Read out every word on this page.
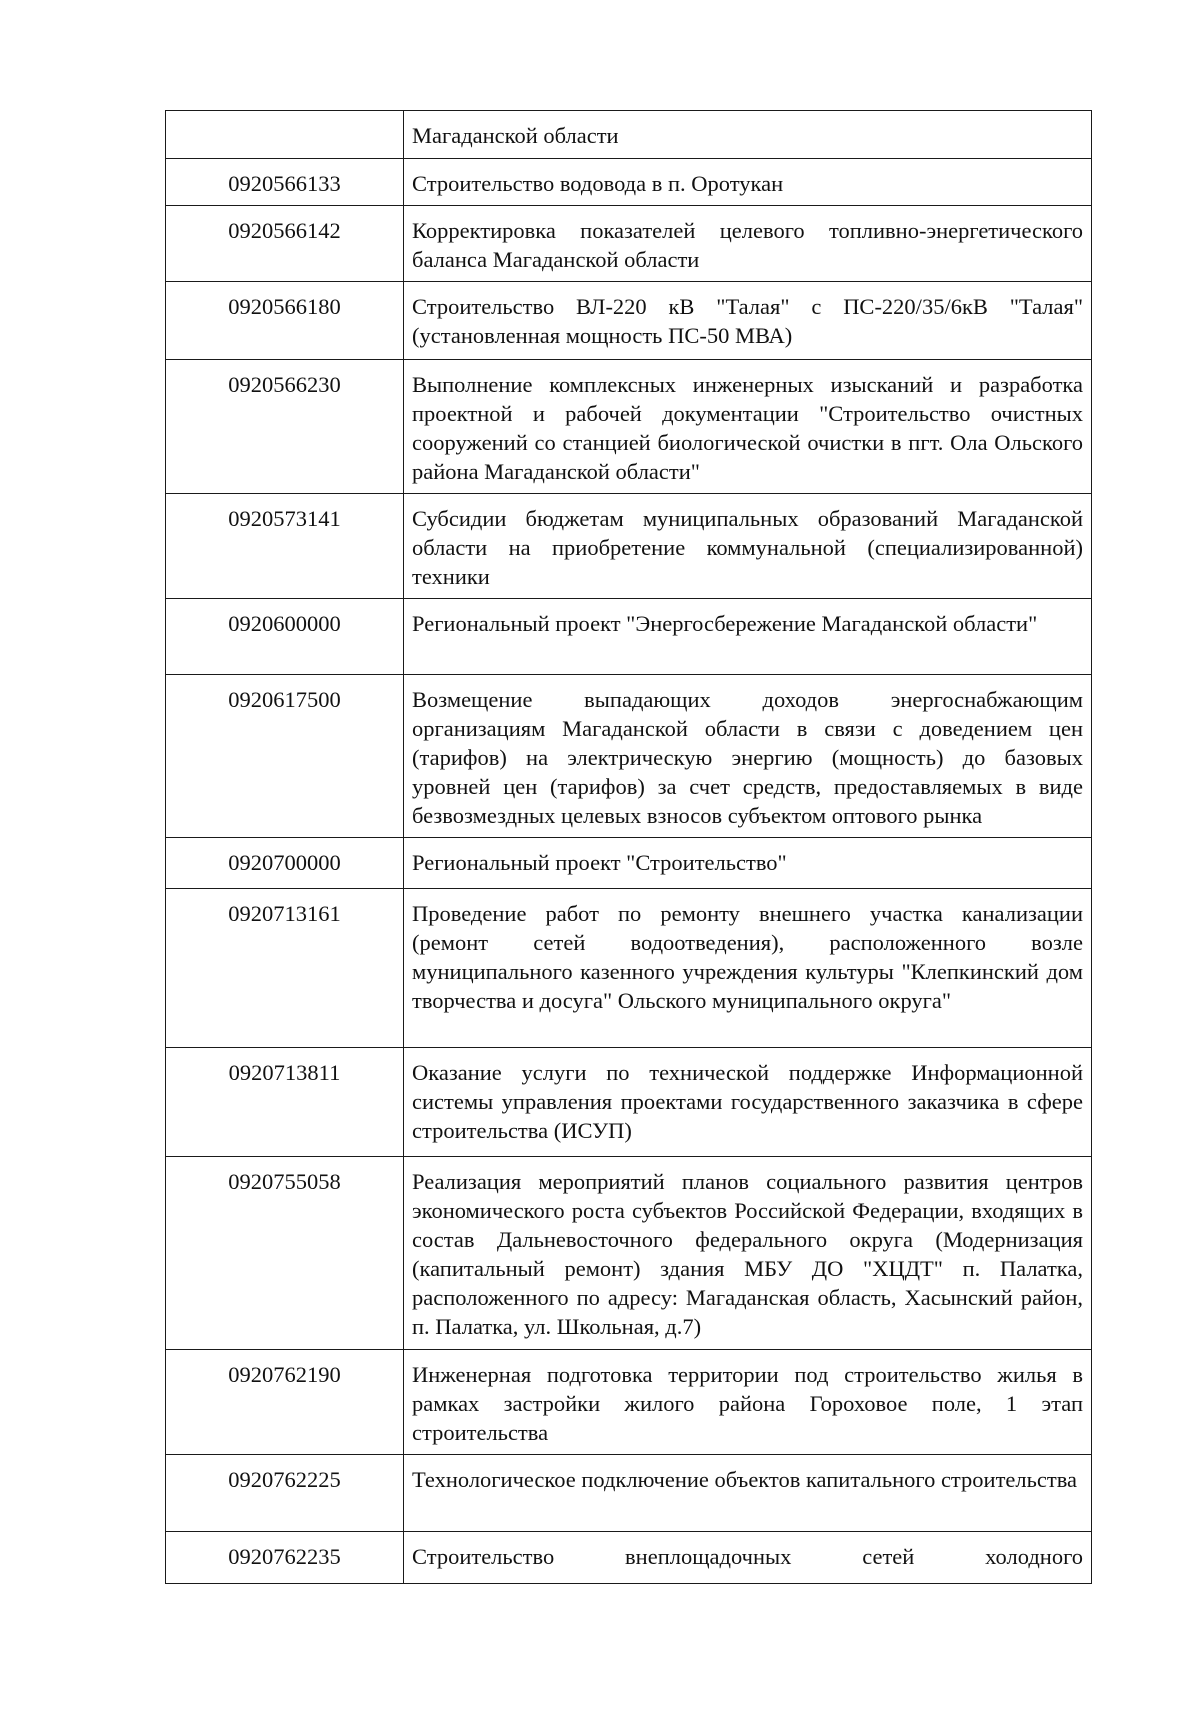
	Магаданской области

0920566133	Строительство водовода в п. Оротукан

0920566142	Корректировка показателей целевого топливно-энергетического баланса Магаданской области

0920566180	Строительство ВЛ-220 кВ "Талая" с ПС-220/35/6кВ "Талая" (установленная мощность ПС-50 МВА)

0920566230	Выполнение комплексных инженерных изысканий и разработка проектной и рабочей документации "Строительство очистных сооружений со станцией биологической очистки в пгт. Ола Ольского района Магаданской области"

0920573141	Субсидии бюджетам муниципальных образований Магаданской области на приобретение коммунальной (специализированной) техники

0920600000	Региональный проект "Энергосбережение Магаданской области"

0920617500	Возмещение выпадающих доходов энергоснабжающим организациям Магаданской области в связи с доведением цен (тарифов) на электрическую энергию (мощность) до базовых уровней цен (тарифов) за счет средств, предоставляемых в виде безвозмездных целевых взносов субъектом оптового рынка

0920700000	Региональный проект "Строительство"

0920713161	Проведение работ по ремонту внешнего участка канализации (ремонт сетей водоотведения), расположенного возле муниципального казенного учреждения культуры "Клепкинский дом творчества и досуга" Ольского муниципального округа"

0920713811	Оказание услуги по технической поддержке Информационной системы управления проектами государственного заказчика в сфере строительства (ИСУП)

0920755058	Реализация мероприятий планов социального развития центров экономического роста субъектов Российской Федерации, входящих в состав Дальневосточного федерального округа (Модернизация (капитальный ремонт) здания МБУ ДО "ХЦДТ" п. Палатка, расположенного по адресу: Магаданская область, Хасынский район, п. Палатка, ул. Школьная, д.7)

0920762190	Инженерная подготовка территории под строительство жилья в рамках застройки жилого района Гороховое поле, 1 этап строительства

0920762225	Технологическое подключение объектов капитального строительства

0920762235	Строительство внеплощадочных сетей холодного
